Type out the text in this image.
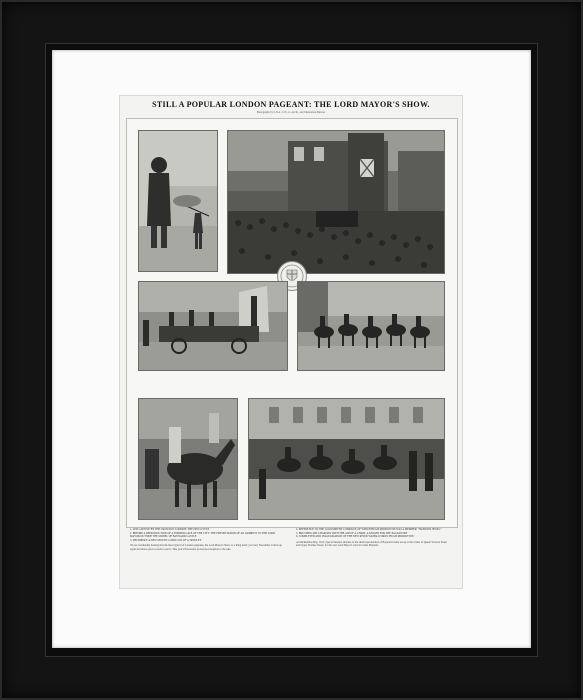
STILL A POPULAR LONDON PAGEANT: THE LORD MAYOR'S SHOW.
Photographs by L.N.A., C.N., G. and K., and Illustrations Bureau.
1. LED CAPTIVE BY THE CROWD IN LONDON: THE NEW GYVES
2. BEFORE A REPRODUCTION OF A FORMER GATE OF THE CITY: THE PRESENTATION OF AN ADDRESS TO THE LORD MAYOR OUTSIDE THE MODEL OF BAYNARD CASTLE
3. DECIDEDLY A NEW MOUNT: LORD COX OF A TROLLEY
We are continually hearing that the most typical of London pageants, the Lord Mayor's Show, is a thing dead; yet every November it turns up again and draws great crowds to see it. This year's Procession proved no exception to the rule.
4. REFERENCE TO THE GOLDSMITHS' COMPANY, OF WHICH HUGH MIDDLETON WAS A MEMBER: "MONDON JEWEL"
5. BRUSHING HIS CHARGER WITH THE AID OF A CHAIR: A KNIGHT FOR THE PAGEANTRY
6. COMPLETED AND INAUGURATION OF THE NEW RIVER WATER-WORKS: HUGH MIDDLETON
on Michaelmas Day, 1613. Special interest attaches to the small reproduction of Baynard Castle set up at the corner of Queen Victoria Street and Upper Thames Street; for the new Lord Mayor's ward is Castle Baynard.
